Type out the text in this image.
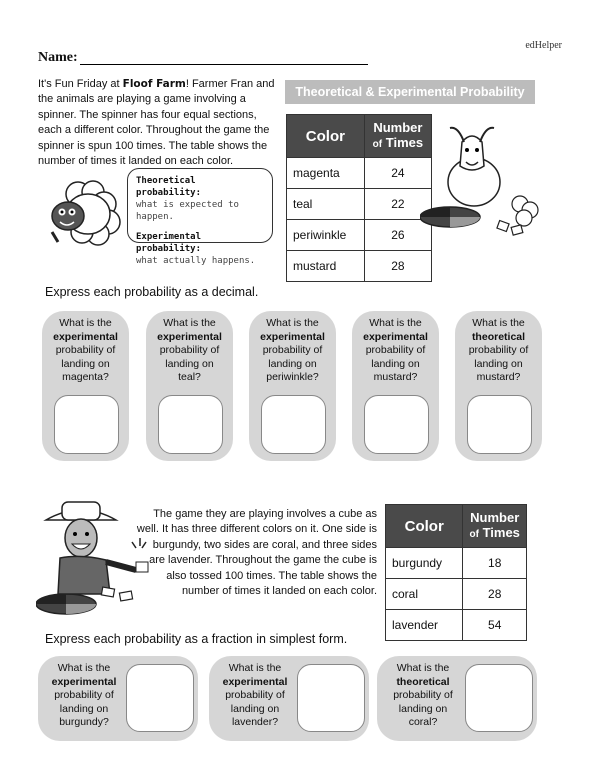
edHelper
Name:
It's Fun Friday at Floof Farm! Farmer Fran and the animals are playing a game involving a spinner. The spinner has four equal sections, each a different color. Throughout the game the spinner is spun 100 times. The table shows the number of times it landed on each color.
Theoretical & Experimental Probability
Theoretical probability:
what is expected to happen.
Experimental probability:
what actually happens.
Color	Number
of Times
magenta	24
teal	22
periwinkle	26
mustard	28
Express each probability as a decimal.
What is the
experimental
probability of landing on
magenta?
What is the
experimental
probability of landing on
teal?
What is the
experimental
probability of landing on
periwinkle?
What is the
experimental
probability of landing on
mustard?
What is the
theoretical
probability of landing on
mustard?
The game they are playing involves a cube as well. It has three different colors on it. One side is burgundy, two sides are coral, and three sides are lavender. Throughout the game the cube is also tossed 100 times. The table shows the number of times it landed on each color.
Color	Number
of Times
burgundy	18
coral	28
lavender	54
Express each probability as a fraction in simplest form.
What is the
experimental
probability of landing on
burgundy?
What is the
experimental
probability of landing on
lavender?
What is the
theoretical
probability of landing on
coral?
